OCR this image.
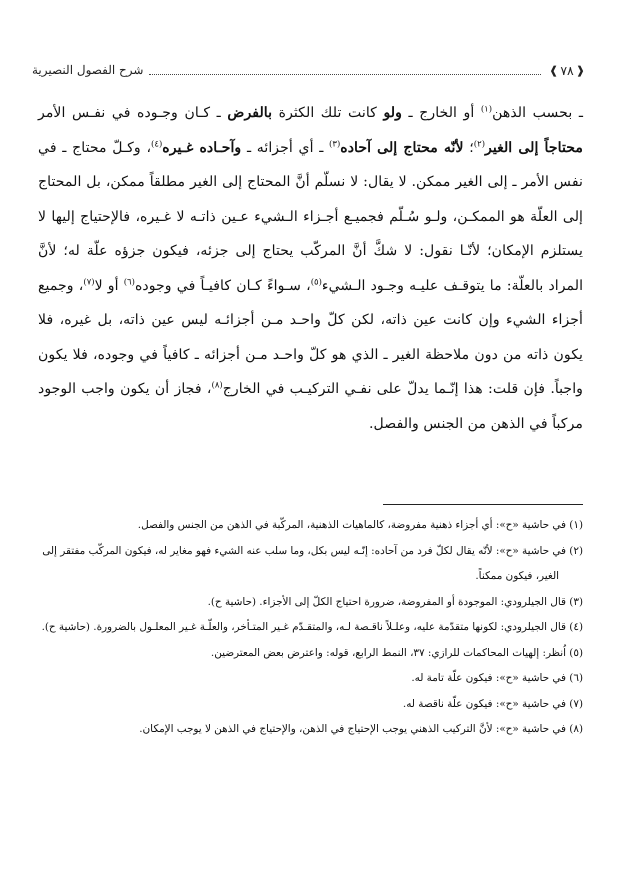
❰
٧٨
❱
شرح الفصول النصيرية
ـ بحسب الذهن$^{(١)}$ أو الخارج ـ ولو كانت تلك الكثرة بالفرض ـ كـان وجـوده في نفـس الأمر محتاجاً إلى الغير$^{(٢)}$؛ لأنّه محتاج إلى آحاده$^{(٣)}$ ـ أي أجزائه ـ وآحـاده غـيره$^{(٤)}$، وكـلّ محتاج ـ في نفس الأمر ـ إلى الغير ممكن. لا يقال: لا نسلّم أنَّ المحتاج إلى الغير مطلقاً ممكن، بل المحتاج إلى العلّة هو الممكـن، ولـو سُـلّم فجميـع أجـزاء الـشيء عـين ذاتـه لا غـيره، فالإحتياج إليها لا يستلزم الإمكان؛ لأنّـا نقول: لا شكَّ أنَّ المركّب يحتاج إلى جزئه، فيكون جزؤه علّة له؛ لأنَّ المراد بالعلّة: ما يتوقـف عليـه وجـود الـشيء$^{(٥)}$، سـواءً كـان كافيـاً في وجوده$^{(٦)}$ أو لا$^{(٧)}$، وجميع أجزاء الشيء وإن كانت عين ذاته، لكن كلّ واحـد مـن أجزائـه ليس عين ذاته، بل غيره، فلا يكون ذاته من دون ملاحظة الغير ـ الذي هو كلّ واحـد مـن أجزائه ـ كافياً في وجوده، فلا يكون واجباً. فإن قلت: هذا إنّـما يدلّ على نفـي التركيـب في الخارج$^{(٨)}$، فجاز أن يكون واجب الوجود مركباً في الذهن من الجنس والفصل.

(١) في حاشية «ح»: أي أجزاء ذهنية مفروضة، كالماهيات الذهنية، المركّبة في الذهن من الجنس والفصل.

(٢) في حاشية «ح»: لأنّه يقال لكلّ فرد من آحاده: إنّـه ليس بكل، وما سلب عنه الشيء فهو مغاير له، فيكون المركّب مفتقر إلى الغير، فيكون ممكناً.

(٣) قال الجيلرودي: الموجودة أو المفروضة، ضرورة احتياج الكلّ إلى الأجزاء. (حاشية ح).

(٤) قال الجيلرودي: لكونها متقدّمة عليه، وعلـلاً ناقـصة لـه، والمتقـدّم غـير المتـأخر، والعلّـة غـير المعلـول بالضرورة. (حاشية ح).

(٥) اُنظر: إلهيات المحاكمات للرازي: ٣٧، النمط الرابع، قوله: واعترض بعض المعترضين.

(٦) في حاشية «ح»: فيكون علّة تامة له.

(٧) في حاشية «ح»: فيكون علّة ناقصة له.

(٨) في حاشية «ح»: لأنَّ التركيب الذهني يوجب الإحتياج في الذهن، والإحتياج في الذهن لا يوجب الإمكان.
